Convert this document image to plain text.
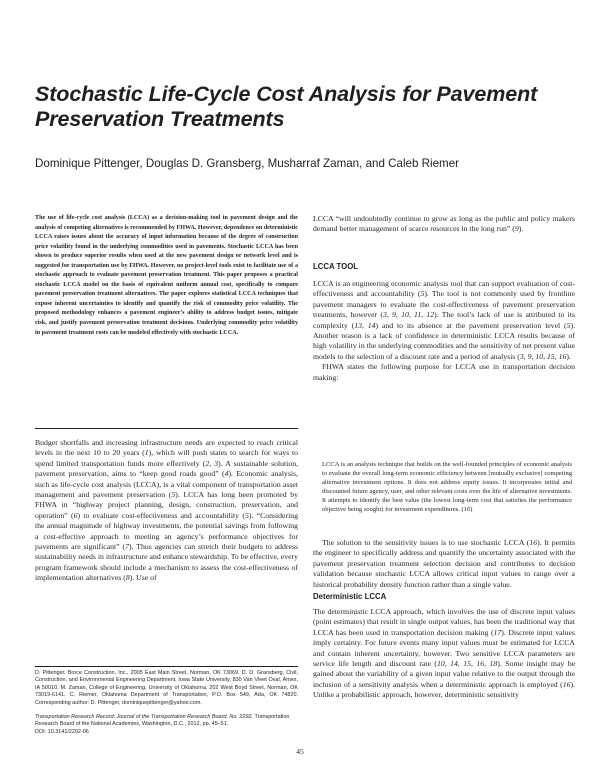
Stochastic Life-Cycle Cost Analysis for Pavement Preservation Treatments
Dominique Pittenger, Douglas D. Gransberg, Musharraf Zaman, and Caleb Riemer
The use of life-cycle cost analysis (LCCA) as a decision-making tool in pavement design and the analysis of competing alternatives is recommended by FHWA. However, dependence on deterministic LCCA raises issues about the accuracy of input information because of the degree of construction price volatility found in the underlying commodities used in pavements. Stochastic LCCA has been shown to produce superior results when used at the new pavement design or network level and is suggested for transportation use by FHWA. However, no project-level tools exist to facilitate use of a stochastic approach to evaluate pavement preservation treatment. This paper proposes a practical stochastic LCCA model on the basis of equivalent uniform annual cost, specifically to compare pavement preservation treatment alternatives. The paper explores statistical LCCA techniques that expose inherent uncertainties to identify and quantify the risk of commodity price volatility. The proposed methodology enhances a pavement engineer's ability to address budget issues, mitigate risk, and justify pavement preservation treatment decisions. Underlying commodity price volatility in pavement treatment costs can be modeled effectively with stochastic LCCA.
Budget shortfalls and increasing infrastructure needs are expected to reach critical levels in the next 10 to 20 years (1), which will push states to search for ways to spend limited transportation funds more effectively (2, 3). A sustainable solution, pavement preservation, aims to “keep good roads good” (4). Economic analysis, such as life-cycle cost analysis (LCCA), is a vital component of transportation asset management and pavement preservation (5). LCCA has long been promoted by FHWA in “highway project planning, design, construction, preservation, and operation” (6) to evaluate cost-effectiveness and accountability (5). “Considering the annual magnitude of highway investments, the potential savings from following a cost-effective approach to meeting an agency’s performance objectives for pavements are significant” (7). Thus agencies can stretch their budgets to address sustainability needs in infrastructure and enhance stewardship. To be effective, every program framework should include a mechanism to assess the cost-effectiveness of implementation alternatives (8). Use of

D. Pittenger, Broce Construction, Inc., 2005 East Main Street, Norman, OK 73069. D. D. Gransberg, Civil, Construction, and Environmental Engineering Department, Iowa State University, 830 Van Vleet Oval, Ames, IA 50010. M. Zaman, College of Engineering, University of Oklahoma, 202 West Boyd Street, Norman, OK 73019-6141. C. Riemer, Oklahoma Department of Transportation, P.O. Box 549, Ada, OK 74820. Corresponding author: D. Pittenger, dominiquepittenger@yahoo.com.

Transportation Research Record: Journal of the Transportation Research Board, No. 2292, Transportation Research Board of the National Academies, Washington, D.C., 2012, pp. 45–51.
DOI: 10.3141/2292-06
LCCA “will undoubtedly continue to grow as long as the public and policy makers demand better management of scarce resources in the long run” (9).
LCCA TOOL

LCCA is an engineering economic analysis tool that can support evaluation of cost-effectiveness and accountability (5). The tool is not commonly used by frontline pavement managers to evaluate the cost-effectiveness of pavement preservation treatments, however (3, 9, 10, 11, 12). The tool’s lack of use is attributed to its complexity (13, 14) and to its absence at the pavement preservation level (5). Another reason is a lack of confidence in deterministic LCCA results because of high volatility in the underlying commodities and the sensitivity of net present value models to the selection of a discount rate and a period of analysis (3, 9, 10, 15, 16).

FHWA states the following purpose for LCCA use in transportation decision making:

LCCA is an analysis technique that builds on the well-founded principles of economic analysis to evaluate the overall long-term economic efficiency between [mutually exclusive] competing alternative investment options. It does not address equity issues. It incorporates initial and discounted future agency, user, and other relevant costs over the life of alternative investments. It attempts to identify the best value (the lowest long-term cost that satisfies the performance objective being sought) for investment expenditures. (16)

The solution to the sensitivity issues is to use stochastic LCCA (16). It permits the engineer to specifically address and quantify the uncertainty associated with the pavement preservation treatment selection decision and contributes to decision validation because stochastic LCCA allows critical input values to range over a historical probability density function rather than a single value.

Deterministic LCCA
The deterministic LCCA approach, which involves the use of discrete input values (point estimates) that result in single output values, has been the traditional way that LCCA has been used in transportation decision making (17). Discrete input values imply certainty. For future events many input values must be estimated for LCCA and contain inherent uncertainty, however. Two sensitive LCCA parameters are service life length and discount rate (10, 14, 15, 16, 18). Some insight may be gained about the variability of a given input value relative to the output through the inclusion of a sensitivity analysis when a deterministic approach is employed (16). Unlike a probabilistic approach, however, deterministic sensitivity
45
